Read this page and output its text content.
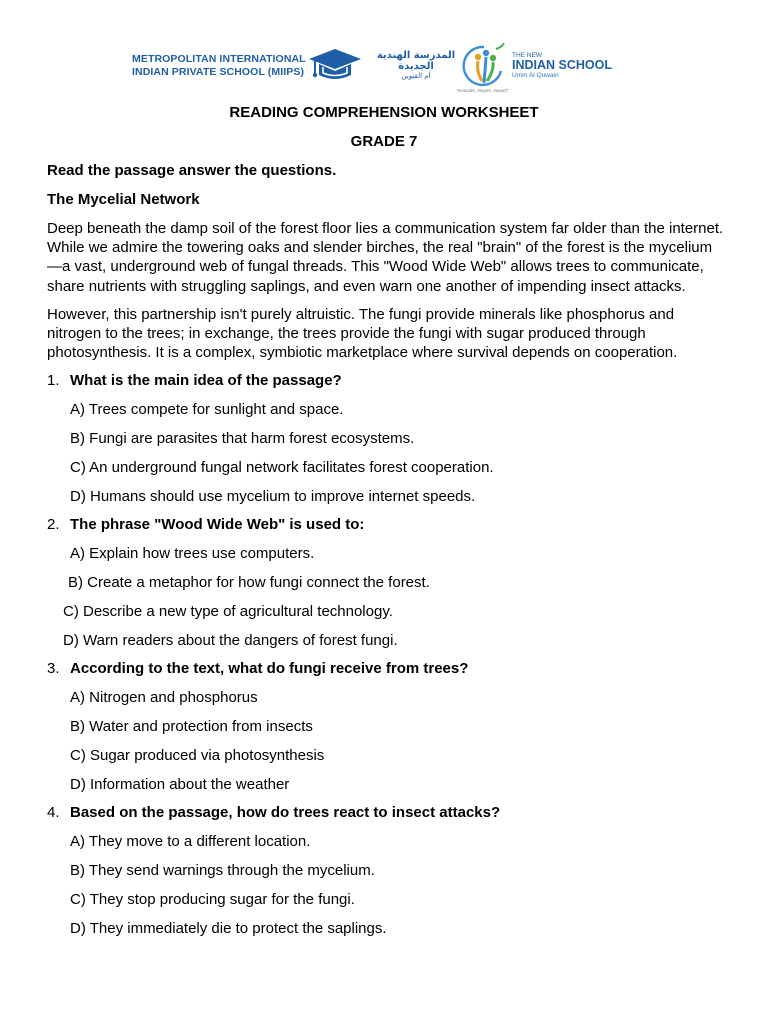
METROPOLITAN INTERNATIONAL
INDIAN PRIVATE SCHOOL (MIIPS)
المدرسة الهندية
الجديدة
أم القيوين
THE NEW
INDIAN SCHOOL
Umm Al Quwain
"Innovate, Inspire, Impact"
READING COMPREHENSION WORKSHEET
GRADE 7
Read the passage answer the questions.
The Mycelial Network
Deep beneath the damp soil of the forest floor lies a communication system far older than the internet. While we admire the towering oaks and slender birches, the real "brain" of the forest is the mycelium—a vast, underground web of fungal threads. This "Wood Wide Web" allows trees to communicate, share nutrients with struggling saplings, and even warn one another of impending insect attacks.
However, this partnership isn't purely altruistic. The fungi provide minerals like phosphorus and nitrogen to the trees; in exchange, the trees provide the fungi with sugar produced through photosynthesis. It is a complex, symbiotic marketplace where survival depends on cooperation.
1. What is the main idea of the passage?
A) Trees compete for sunlight and space.
B) Fungi are parasites that harm forest ecosystems.
C) An underground fungal network facilitates forest cooperation.
D) Humans should use mycelium to improve internet speeds.
2. The phrase "Wood Wide Web" is used to:
A) Explain how trees use computers.
B) Create a metaphor for how fungi connect the forest.
C) Describe a new type of agricultural technology.
D) Warn readers about the dangers of forest fungi.
3. According to the text, what do fungi receive from trees?
A) Nitrogen and phosphorus
B) Water and protection from insects
C) Sugar produced via photosynthesis
D) Information about the weather
4. Based on the passage, how do trees react to insect attacks?
A) They move to a different location.
B) They send warnings through the mycelium.
C) They stop producing sugar for the fungi.
D) They immediately die to protect the saplings.
